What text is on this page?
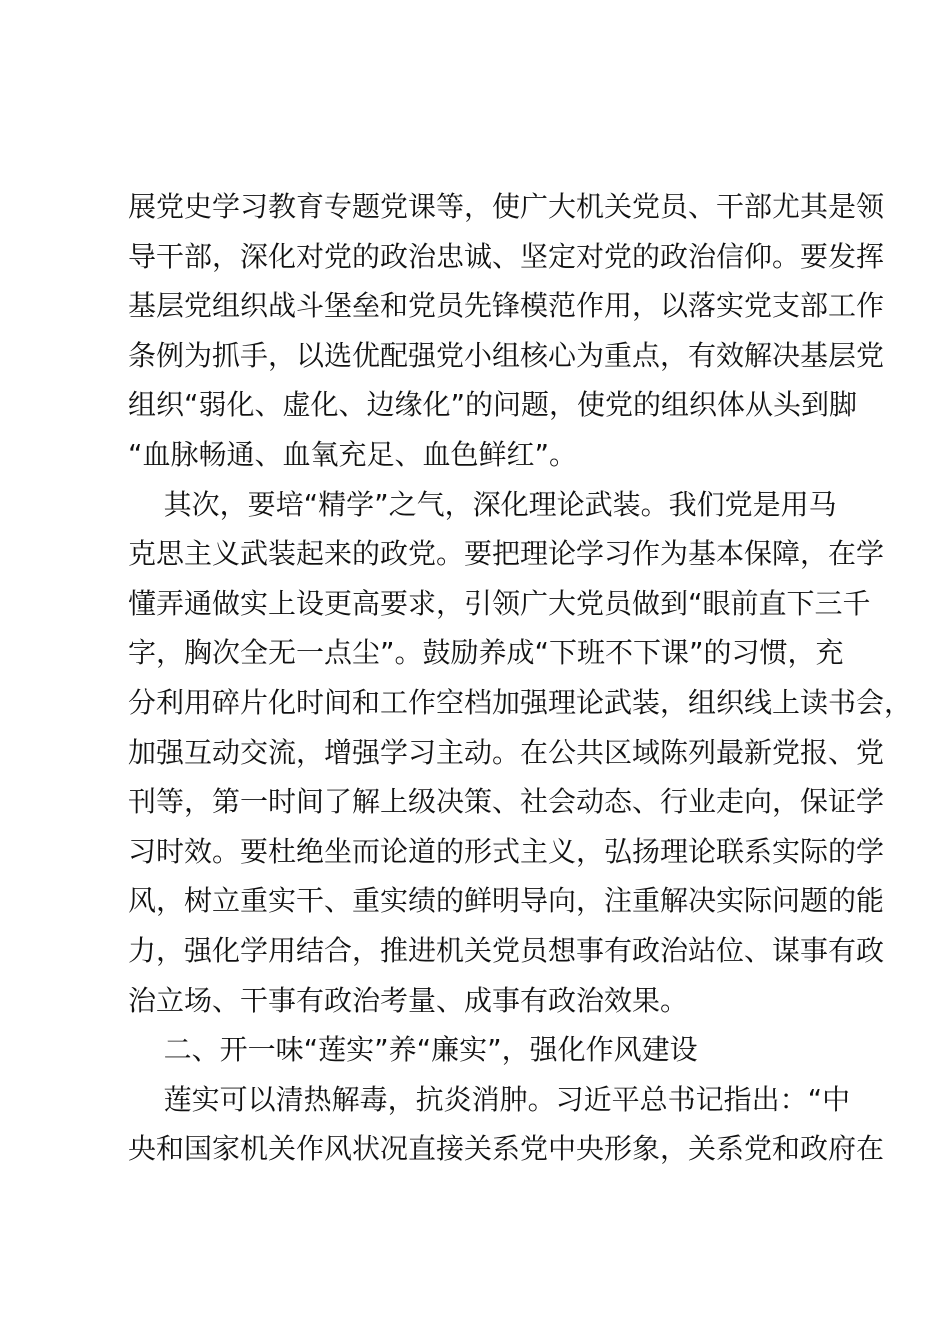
展党史学习教育专题党课等，使广大机关党员、干部尤其是领
导干部，深化对党的政治忠诚、坚定对党的政治信仰。要发挥
基层党组织战斗堡垒和党员先锋模范作用，以落实党支部工作
条例为抓手，以选优配强党小组核心为重点，有效解决基层党
组织“弱化、虚化、边缘化”的问题，使党的组织体从头到脚
“血脉畅通、血氧充足、血色鲜红”。
其次，要培“精学”之气，深化理论武装。我们党是用马
克思主义武装起来的政党。要把理论学习作为基本保障，在学
懂弄通做实上设更高要求，引领广大党员做到“眼前直下三千
字，胸次全无一点尘”。鼓励养成“下班不下课”的习惯，充
分利用碎片化时间和工作空档加强理论武装，组织线上读书会，
加强互动交流，增强学习主动。在公共区域陈列最新党报、党
刊等，第一时间了解上级决策、社会动态、行业走向，保证学
习时效。要杜绝坐而论道的形式主义，弘扬理论联系实际的学
风，树立重实干、重实绩的鲜明导向，注重解决实际问题的能
力，强化学用结合，推进机关党员想事有政治站位、谋事有政
治立场、干事有政治考量、成事有政治效果。
二、开一味“莲实”养“廉实”，强化作风建设
莲实可以清热解毒，抗炎消肿。习近平总书记指出：“中
央和国家机关作风状况直接关系党中央形象，关系党和政府在
